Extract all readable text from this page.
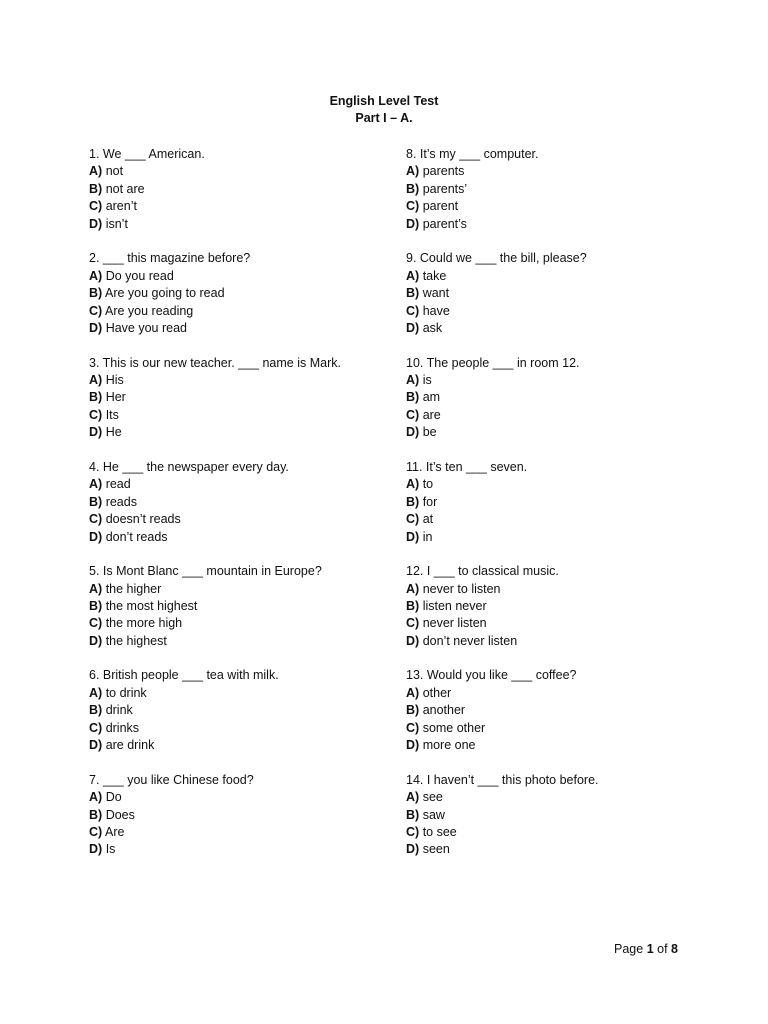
English Level Test
Part I – A.
1. We ___ American.
A) not
B) not are
C) aren’t
D) isn’t
2. ___ this magazine before?
A) Do you read
B) Are you going to read
C) Are you reading
D) Have you read
3. This is our new teacher. ___ name is Mark.
A) His
B) Her
C) Its
D) He
4. He ___ the newspaper every day.
A) read
B) reads
C) doesn’t reads
D) don’t reads
5. Is Mont Blanc ___ mountain in Europe?
A) the higher
B) the most highest
C) the more high
D) the highest
6. British people ___ tea with milk.
A) to drink
B) drink
C) drinks
D) are drink
7. ___ you like Chinese food?
A) Do
B) Does
C) Are
D) Is
8. It’s my ___ computer.
A) parents
B) parents’
C) parent
D) parent’s
9. Could we ___ the bill, please?
A) take
B) want
C) have
D) ask
10. The people ___ in room 12.
A) is
B) am
C) are
D) be
11. It’s ten ___ seven.
A) to
B) for
C) at
D) in
12. I ___ to classical music.
A) never to listen
B) listen never
C) never listen
D) don’t never listen
13. Would you like ___ coffee?
A) other
B) another
C) some other
D) more one
14. I haven’t ___ this photo before.
A) see
B) saw
C) to see
D) seen
Page 1 of 8
